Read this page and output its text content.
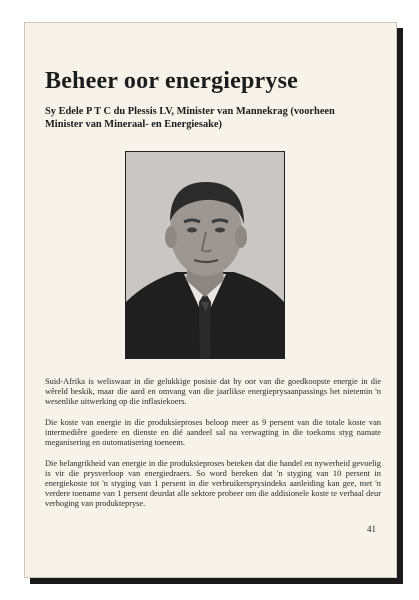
Beheer oor energiepryse

Sy Edele P T C du Plessis LV, Minister van Mannekrag (voorheen Minister van Mineraal- en Energiesake)

Suid-Afrika is weliswaar in die gelukkige posisie dat hy oor van die goedkoopste energie in die wêreld beskik, maar die aard en omvang van die jaarlikse energieprysaanpassings het nietemin 'n wesenlike uitwerking op die inflasiekoers.

Die koste van energie in die produksieproses beloop meer as 9 persent van die totale koste van intermediêre goedere en dienste en dié aandeel sal na verwagting in die toekoms styg namate meganisering en outomatisering toeneem.

Die belangrikheid van energie in die produksieproses beteken dat die handel en nywerheid gevoelig is vir die prysverloop van energiedraers. So word bereken dat 'n styging van 10 persent in energiekoste tot 'n styging van 1 persent in die verbruikersprysindeks aanleiding kan gee, met 'n verdere toename van 1 persent deurdat alle sektore probeer om die addisionele koste te verhaal deur verhoging van produktepryse.

41
